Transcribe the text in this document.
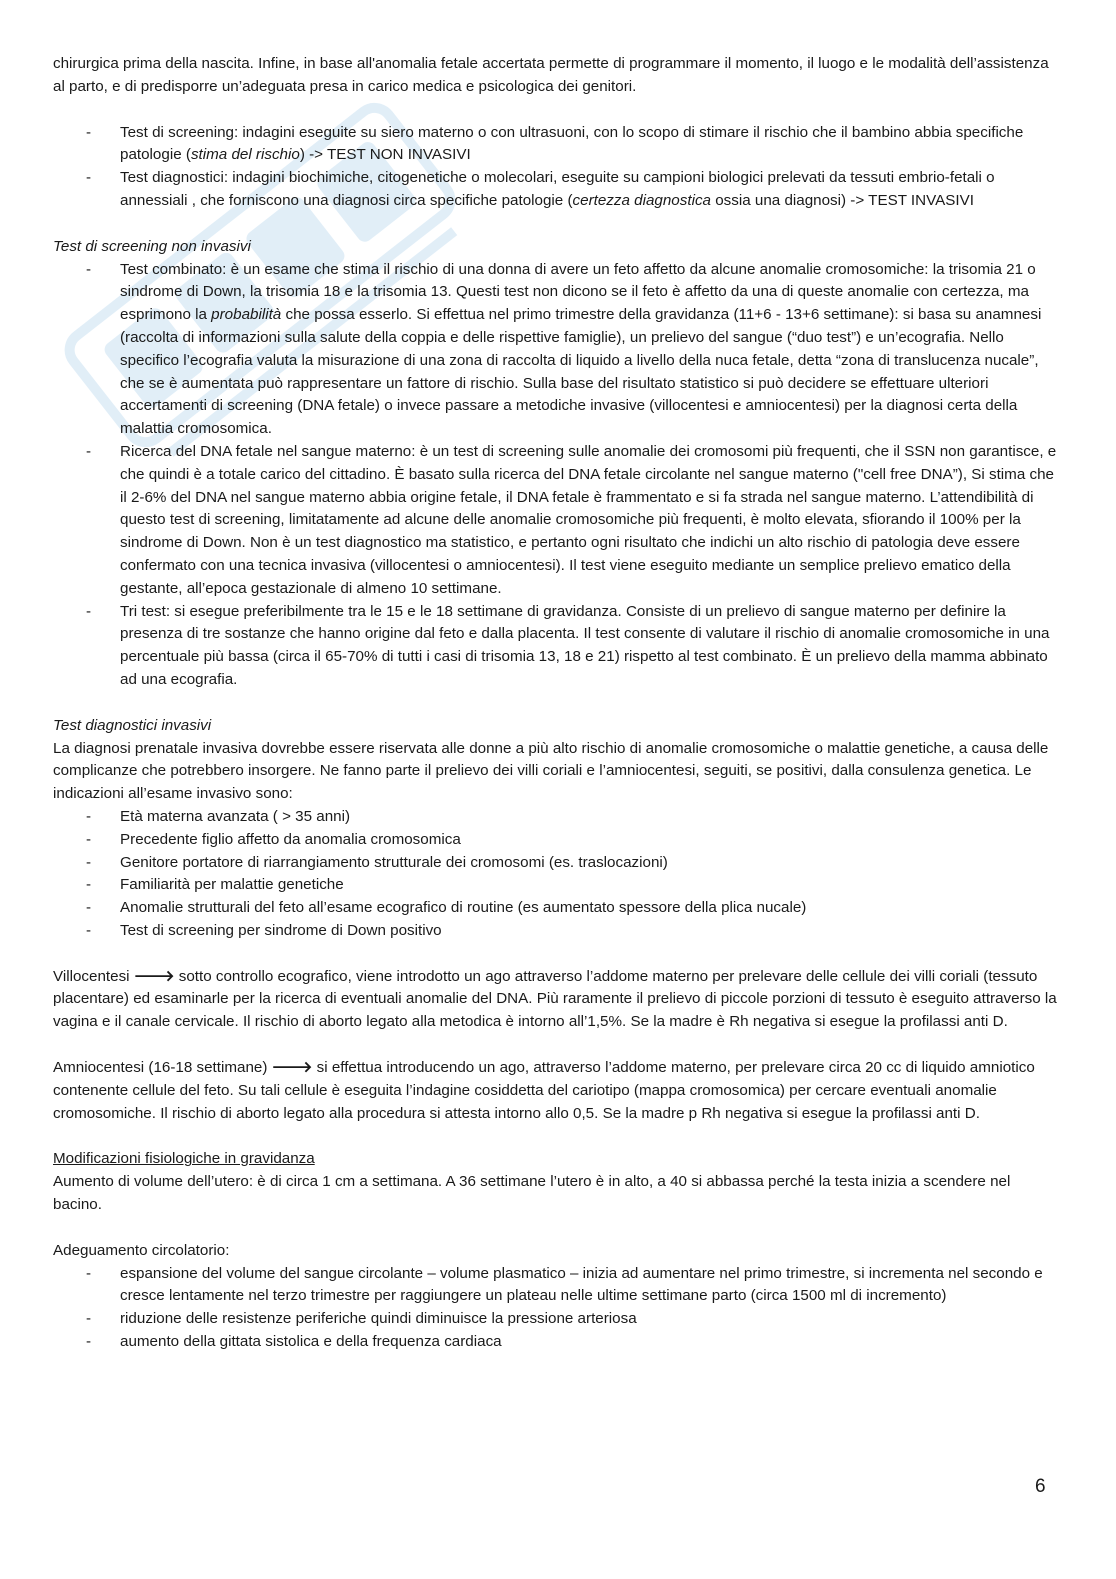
chirurgica prima della nascita. Infine, in base all'anomalia fetale accertata permette di programmare il momento, il luogo e le modalità dell’assistenza al parto, e di predisporre un’adeguata presa in carico medica e psicologica dei genitori.

- Test di screening: indagini eseguite su siero materno o con ultrasuoni, con lo scopo di stimare il rischio che il bambino abbia specifiche patologie (stima del rischio) -> TEST NON INVASIVI
- Test diagnostici: indagini biochimiche, citogenetiche o molecolari, eseguite su campioni biologici prelevati da tessuti embrio-fetali o annessiali , che forniscono una diagnosi circa specifiche patologie (certezza diagnostica ossia una diagnosi) -> TEST INVASIVI

Test di screening non invasivi

- Test combinato: è un esame che stima il rischio di una donna di avere un feto affetto da alcune anomalie cromosomiche: la trisomia 21 o sindrome di Down, la trisomia 18 e la trisomia 13. Questi test non dicono se il feto è affetto da una di queste anomalie con certezza, ma esprimono la probabilità che possa esserlo. Si effettua nel primo trimestre della gravidanza (11+6 - 13+6 settimane): si basa su anamnesi (raccolta di informazioni sulla salute della coppia e delle rispettive famiglie), un prelievo del sangue (“duo test”) e un’ecografia. Nello specifico l’ecografia valuta la misurazione di una zona di raccolta di liquido a livello della nuca fetale, detta “zona di translucenza nucale”, che se è aumentata può rappresentare un fattore di rischio. Sulla base del risultato statistico si può decidere se effettuare ulteriori accertamenti di screening (DNA fetale) o invece passare a metodiche invasive (villocentesi e amniocentesi) per la diagnosi certa della malattia cromosomica.
- Ricerca del DNA fetale nel sangue materno: è un test di screening sulle anomalie dei cromosomi più frequenti, che il SSN non garantisce, e che quindi è a totale carico del cittadino. È basato sulla ricerca del DNA fetale circolante nel sangue materno ("cell free DNA”), Si stima che il 2-6% del DNA nel sangue materno abbia origine fetale, il DNA fetale è frammentato e si fa strada nel sangue materno. L’attendibilità di questo test di screening, limitatamente ad alcune delle anomalie cromosomiche più frequenti, è molto elevata, sfiorando il 100% per la sindrome di Down. Non è un test diagnostico ma statistico, e pertanto ogni risultato che indichi un alto rischio di patologia deve essere confermato con una tecnica invasiva (villocentesi o amniocentesi). Il test viene eseguito mediante un semplice prelievo ematico della gestante, all’epoca gestazionale di almeno 10 settimane.
- Tri test: si esegue preferibilmente tra le 15 e le 18 settimane di gravidanza. Consiste di un prelievo di sangue materno per definire la presenza di tre sostanze che hanno origine dal feto e dalla placenta. Il test consente di valutare il rischio di anomalie cromosomiche in una percentuale più bassa (circa il 65-70% di tutti i casi di trisomia 13, 18 e 21) rispetto al test combinato. È un prelievo della mamma abbinato ad una ecografia.

Test diagnostici invasivi

La diagnosi prenatale invasiva dovrebbe essere riservata alle donne a più alto rischio di anomalie cromosomiche o malattie genetiche, a causa delle complicanze che potrebbero insorgere. Ne fanno parte il prelievo dei villi coriali e l’amniocentesi, seguiti, se positivi, dalla consulenza genetica. Le indicazioni all’esame invasivo sono:

- Età materna avanzata ( > 35 anni)
- Precedente figlio affetto da anomalia cromosomica
- Genitore portatore di riarrangiamento strutturale dei cromosomi (es. traslocazioni)
- Familiarità per malattie genetiche
- Anomalie strutturali del feto all’esame ecografico di routine (es aumentato spessore della plica nucale)
- Test di screening per sindrome di Down positivo

Villocentesi 🡒 sotto controllo ecografico, viene introdotto un ago attraverso l’addome materno per prelevare delle cellule dei villi coriali (tessuto placentare) ed esaminarle per la ricerca di eventuali anomalie del DNA. Più raramente il prelievo di piccole porzioni di tessuto è eseguito attraverso la vagina e il canale cervicale. Il rischio di aborto legato alla metodica è intorno all’1,5%. Se la madre è Rh negativa si esegue la profilassi anti D.

Amniocentesi (16-18 settimane) 🡒 si effettua introducendo un ago, attraverso l’addome materno, per prelevare circa 20 cc di liquido amniotico contenente cellule del feto. Su tali cellule è eseguita l’indagine cosiddetta del cariotipo (mappa cromosomica) per cercare eventuali anomalie cromosomiche. Il rischio di aborto legato alla procedura si attesta intorno allo 0,5. Se la madre p Rh negativa si esegue la profilassi anti D.

Modificazioni fisiologiche in gravidanza

Aumento di volume dell’utero: è di circa 1 cm a settimana. A 36 settimane l’utero è in alto, a 40 si abbassa perché la testa inizia a scendere nel bacino.

Adeguamento circolatorio:

- espansione del volume del sangue circolante – volume plasmatico – inizia ad aumentare nel primo trimestre, si incrementa nel secondo e cresce lentamente nel terzo trimestre per raggiungere un plateau nelle ultime settimane parto (circa 1500 ml di incremento)
- riduzione delle resistenze periferiche quindi diminuisce la pressione arteriosa
- aumento della gittata sistolica e della frequenza cardiaca
6
